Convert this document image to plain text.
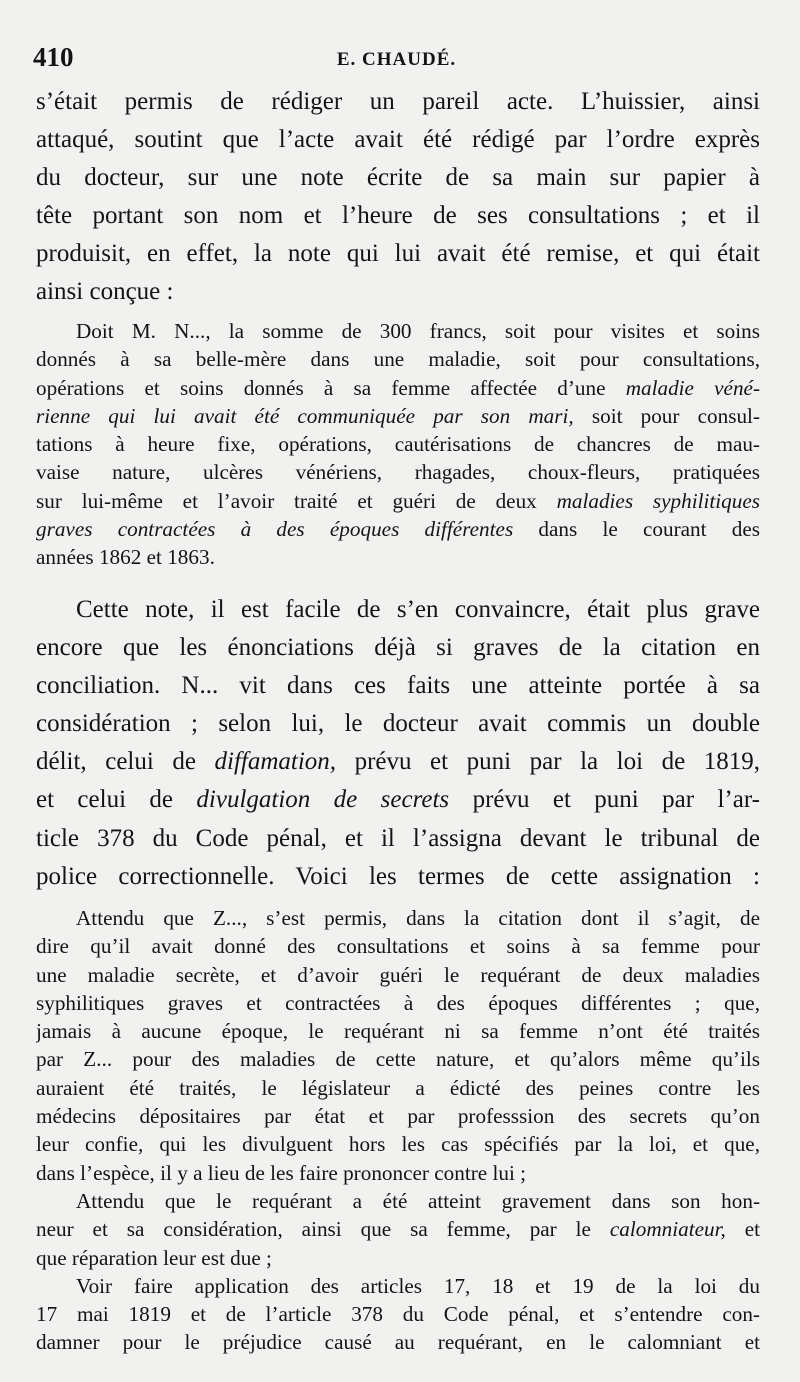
410	E. CHAUDÉ.
s’était permis de rédiger un pareil acte. L’huissier, ainsi
attaqué, soutint que l’acte avait été rédigé par l’ordre exprès
du docteur, sur une note écrite de sa main sur papier à
tête portant son nom et l’heure de ses consultations ; et il
produisit, en effet, la note qui lui avait été remise, et qui était
ainsi conçue :
Doit M. N..., la somme de 300 francs, soit pour visites et soins
donnés à sa belle-mère dans une maladie, soit pour consultations,
opérations et soins donnés à sa femme affectée d’une maladie véné-
rienne qui lui avait été communiquée par son mari, soit pour consul-
tations à heure fixe, opérations, cautérisations de chancres de mau-
vaise nature, ulcères vénériens, rhagades, choux-fleurs, pratiquées
sur lui-même et l’avoir traité et guéri de deux maladies syphilitiques
graves contractées à des époques différentes dans le courant des
années 1862 et 1863.
Cette note, il est facile de s’en convaincre, était plus grave
encore que les énonciations déjà si graves de la citation en
conciliation. N... vit dans ces faits une atteinte portée à sa
considération ; selon lui, le docteur avait commis un double
délit, celui de diffamation, prévu et puni par la loi de 1819,
et celui de divulgation de secrets prévu et puni par l’ar-
ticle 378 du Code pénal, et il l’assigna devant le tribunal de
police correctionnelle. Voici les termes de cette assignation :
Attendu que Z..., s’est permis, dans la citation dont il s’agit, de
dire qu’il avait donné des consultations et soins à sa femme pour
une maladie secrète, et d’avoir guéri le requérant de deux maladies
syphilitiques graves et contractées à des époques différentes ; que,
jamais à aucune époque, le requérant ni sa femme n’ont été traités
par Z... pour des maladies de cette nature, et qu’alors même qu’ils
auraient été traités, le législateur a édicté des peines contre les
médecins dépositaires par état et par professsion des secrets qu’on
leur confie, qui les divulguent hors les cas spécifiés par la loi, et que,
dans l’espèce, il y a lieu de les faire prononcer contre lui ;
Attendu que le requérant a été atteint gravement dans son hon-
neur et sa considération, ainsi que sa femme, par le calomniateur, et
que réparation leur est due ;
Voir faire application des articles 17, 18 et 19 de la loi du
17 mai 1819 et de l’article 378 du Code pénal, et s’entendre con-
damner pour le préjudice causé au requérant, en le calomniant et
